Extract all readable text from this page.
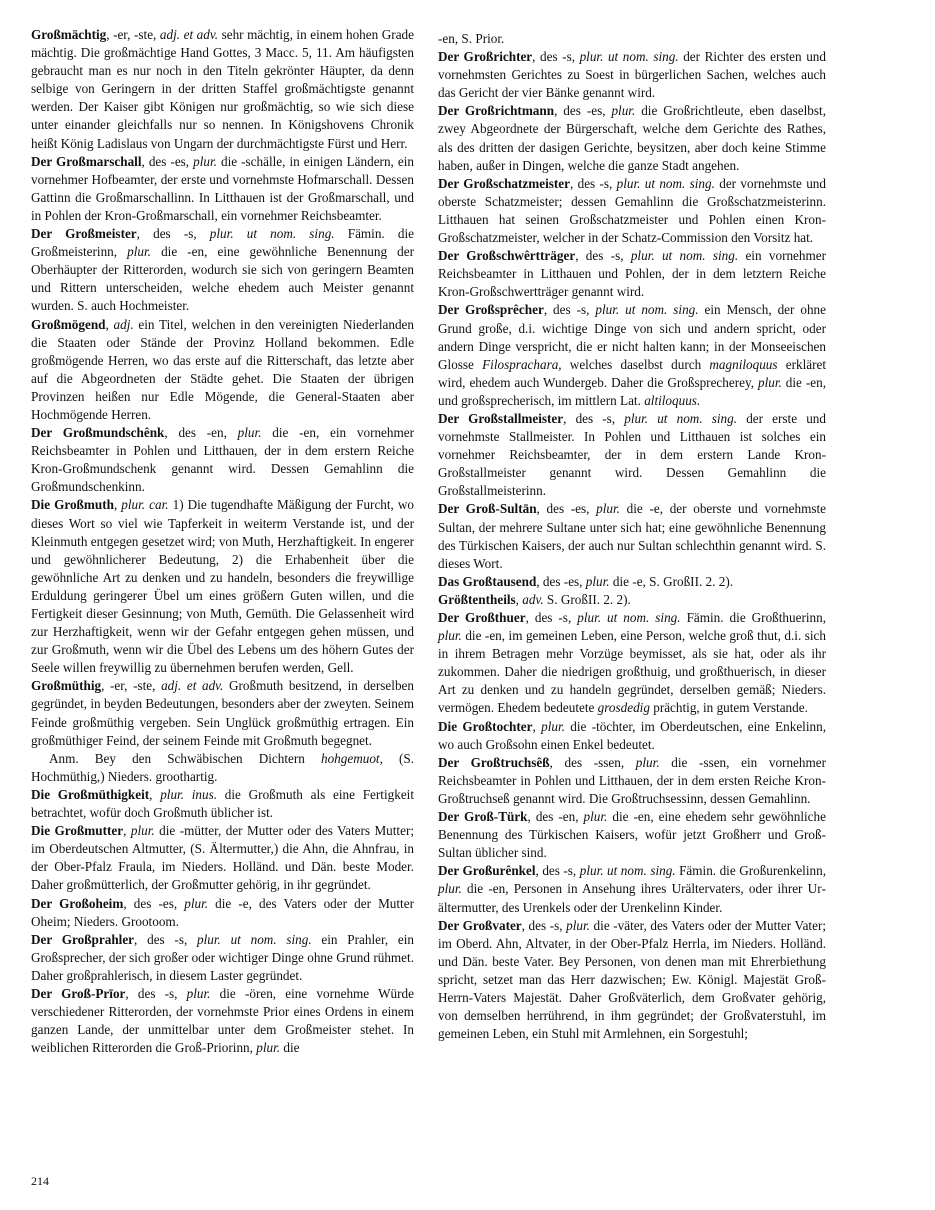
Großmächtig, -er, -ste, adj. et adv. sehr mächtig, in einem hohen Grade mächtig. Die großmächtige Hand Gottes, 3 Macc. 5, 11. Am häufigsten gebraucht man es nur noch in den Titeln gekrönter Häupter, da denn selbige von Geringern in der dritten Staffel großmächtigste genannt werden. Der Kaiser gibt Königen nur großmächtig, so wie sich diese unter einander gleichfalls nur so nennen. In Königshovens Chronik heißt König Ladislaus von Ungarn der durchmächtigste Fürst und Herr.

Der Großmarschall, des -es, plur. die -schälle, in einigen Ländern, ein vornehmer Hofbeamter, der erste und vornehmste Hofmarschall. Dessen Gattinn die Großmarschallinn. In Litthauen ist der Großmarschall, und in Pohlen der Kron-Großmarschall, ein vornehmer Reichsbeamter.

Der Großmeister, des -s, plur. ut nom. sing. Fämin. die Großmeisterinn, plur. die -en, eine gewöhnliche Benennung der Oberhäupter der Ritterorden, wodurch sie sich von geringern Beamten und Rittern unterscheiden, welche ehedem auch Meister genannt wurden. S. auch Hochmeister.

Großmögend, adj. ein Titel, welchen in den vereinigten Niederlanden die Staaten oder Stände der Provinz Holland bekommen. Edle großmögende Herren, wo das erste auf die Ritterschaft, das letzte aber auf die Abgeordneten der Städte gehet. Die Staaten der übrigen Provinzen heißen nur Edle Mögende, die General-Staaten aber Hochmögende Herren.

Der Großmundschênk, des -en, plur. die -en, ein vornehmer Reichsbeamter in Pohlen und Litthauen, der in dem erstern Reiche Kron-Großmundschenk genannt wird. Dessen Gemahlinn die Großmundschenkinn.

Die Großmuth, plur. car. 1) Die tugendhafte Mäßigung der Furcht, wo dieses Wort so viel wie Tapferkeit in weiterm Verstande ist, und der Kleinmuth entgegen gesetzet wird; von Muth, Herzhaftigkeit. In engerer und gewöhnlicherer Bedeutung, 2) die Erhabenheit über die gewöhnliche Art zu denken und zu handeln, besonders die freywillige Erduldung geringerer Übel um eines größern Guten willen, und die Fertigkeit dieser Gesinnung; von Muth, Gemüth. Die Gelassenheit wird zur Herzhaftigkeit, wenn wir der Gefahr entgegen gehen müssen, und zur Großmuth, wenn wir die Übel des Lebens um des höhern Gutes der Seele willen freywillig zu übernehmen berufen werden, Gell.

Großmüthig, -er, -ste, adj. et adv. Großmuth besitzend, in derselben gegründet, in beyden Bedeutungen, besonders aber der zweyten. Seinem Feinde großmüthig vergeben. Sein Unglück großmüthig ertragen. Ein großmüthiger Feind, der seinem Feinde mit Großmuth begegnet.

Anm. Bey den Schwäbischen Dichtern hohgemuot, (S. Hochmüthig,) Nieders. groothartig.

Die Großmüthigkeit, plur. inus. die Großmuth als eine Fertigkeit betrachtet, wofür doch Großmuth üblicher ist.

Die Großmutter, plur. die -mütter, der Mutter oder des Vaters Mutter; im Oberdeutschen Altmutter, (S. Ältermutter,) die Ahn, die Ahnfrau, in der Ober-Pfalz Fraula, im Nieders. Holländ. und Dän. beste Moder. Daher großmütterlich, der Großmutter gehörig, in ihr gegründet.

Der Großoheim, des -es, plur. die -e, des Vaters oder der Mutter Oheim; Nieders. Grootoom.

Der Großprahler, des -s, plur. ut nom. sing. ein Prahler, ein Großsprecher, der sich großer oder wichtiger Dinge ohne Grund rühmet. Daher großprahlerisch, in diesem Laster gegründet.

Der Groß-Prīor, des -s, plur. die -ören, eine vornehme Würde verschiedener Ritterorden, der vornehmste Prior eines Ordens in einem ganzen Lande, der unmittelbar unter dem Großmeister stehet. In weiblichen Ritterorden die Groß-Priorinn, plur. die

-en, S. Prior.

Der Großrichter, des -s, plur. ut nom. sing. der Richter des ersten und vornehmsten Gerichtes zu Soest in bürgerlichen Sachen, welches auch das Gericht der vier Bänke genannt wird.

Der Großrichtmann, des -es, plur. die Großrichtleute, eben daselbst, zwey Abgeordnete der Bürgerschaft, welche dem Gerichte des Rathes, als des dritten der dasigen Gerichte, beysitzen, aber doch keine Stimme haben, außer in Dingen, welche die ganze Stadt angehen.

Der Großschatzmeister, des -s, plur. ut nom. sing. der vornehmste und oberste Schatzmeister; dessen Gemahlinn die Großschatzmeisterinn. Litthauen hat seinen Großschatzmeister und Pohlen einen Kron-Großschatzmeister, welcher in der Schatz-Commission den Vorsitz hat.

Der Großschwêrtträger, des -s, plur. ut nom. sing. ein vornehmer Reichsbeamter in Litthauen und Pohlen, der in dem letztern Reiche Kron-Großschwertträger genannt wird.

Der Großsprêcher, des -s, plur. ut nom. sing. ein Mensch, der ohne Grund große, d.i. wichtige Dinge von sich und andern spricht, oder andern Dinge verspricht, die er nicht halten kann; in der Monseeischen Glosse Filosprachara, welches daselbst durch magniloquus erkläret wird, ehedem auch Wundergeb. Daher die Großsprecherey, plur. die -en, und großsprecherisch, im mittlern Lat. altiloquus.

Der Großstallmeister, des -s, plur. ut nom. sing. der erste und vornehmste Stallmeister. In Pohlen und Litthauen ist solches ein vornehmer Reichsbeamter, der in dem erstern Lande Kron-Großstallmeister genannt wird. Dessen Gemahlinn die Großstallmeisterinn.

Der Groß-Sultān, des -es, plur. die -e, der oberste und vornehmste Sultan, der mehrere Sultane unter sich hat; eine gewöhnliche Benennung des Türkischen Kaisers, der auch nur Sultan schlechthin genannt wird. S. dieses Wort.

Das Großtausend, des -es, plur. die -e, S. GroßII. 2. 2).

Größtentheils, adv. S. GroßII. 2. 2).

Der Großthuer, des -s, plur. ut nom. sing. Fämin. die Großthuerinn, plur. die -en, im gemeinen Leben, eine Person, welche groß thut, d.i. sich in ihrem Betragen mehr Vorzüge beymisset, als sie hat, oder als ihr zukommen. Daher die niedrigen großthuig, und großthuerisch, in dieser Art zu denken und zu handeln gegründet, derselben gemäß; Nieders. vermögen. Ehedem bedeutete grosdedig prächtig, in gutem Verstande.

Die Großtochter, plur. die -töchter, im Oberdeutschen, eine Enkelinn, wo auch Großsohn einen Enkel bedeutet.

Der Großtruchsêß, des -ssen, plur. die -ssen, ein vornehmer Reichsbeamter in Pohlen und Litthauen, der in dem ersten Reiche Kron-Großtruchseß genannt wird. Die Großtruchsessinn, dessen Gemahlinn.

Der Groß-Türk, des -en, plur. die -en, eine ehedem sehr gewöhnliche Benennung des Türkischen Kaisers, wofür jetzt Großherr und Groß-Sultan üblicher sind.

Der Großurênkel, des -s, plur. ut nom. sing. Fämin. die Großurenkelinn, plur. die -en, Personen in Ansehung ihres Urältervaters, oder ihrer Urältermutter, des Urenkels oder der Urenkelinn Kinder.

Der Großvater, des -s, plur. die -väter, des Vaters oder der Mutter Vater; im Oberd. Ahn, Altvater, in der Ober-Pfalz Herrla, im Nieders. Holländ. und Dän. beste Vater. Bey Personen, von denen man mit Ehrerbiethung spricht, setzet man das Herr dazwischen; Ew. Königl. Majestät Groß-Herrn-Vaters Majestät. Daher Großväterlich, dem Großvater gehörig, von demselben herrührend, in ihm gegründet; der Großvaterstuhl, im gemeinen Leben, ein Stuhl mit Armlehnen, ein Sorgestuhl;

214
